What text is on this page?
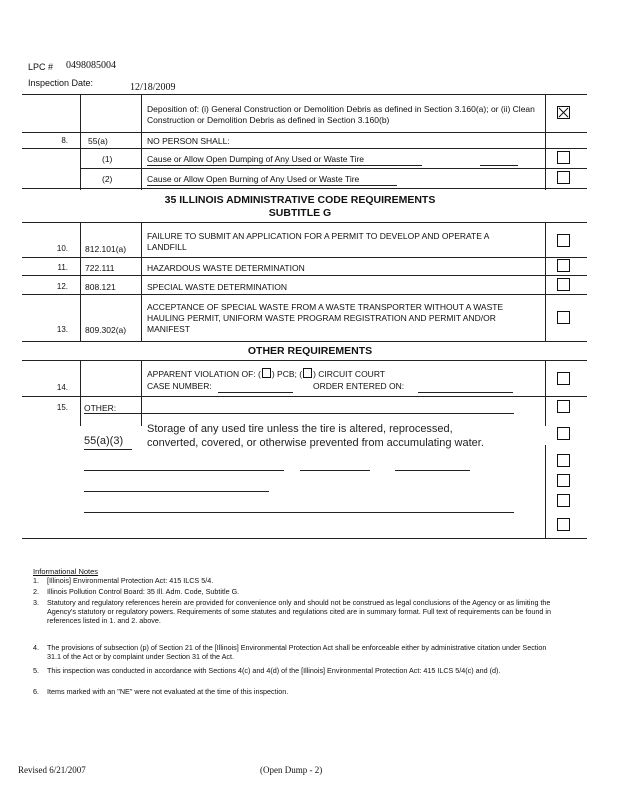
LPC # 0498085004
Inspection Date:	12/18/2009
Deposition of: (i) General Construction or Demolition Debris as defined in Section 3.160(a); or (ii) Clean Construction or Demolition Debris as defined in Section 3.160(b)
8. 55(a)	NO PERSON SHALL:
(1)	Cause or Allow Open Dumping of Any Used or Waste Tire
(2)	Cause or Allow Open Burning of Any Used or Waste Tire
35 ILLINOIS ADMINISTRATIVE CODE REQUIREMENTS
SUBTITLE G
10. 812.101(a)
FAILURE TO SUBMIT AN APPLICATION FOR A PERMIT TO DEVELOP AND OPERATE A LANDFILL
11. 722.111	HAZARDOUS WASTE DETERMINATION
12. 808.121	SPECIAL WASTE DETERMINATION
13. 809.302(a)
ACCEPTANCE OF SPECIAL WASTE FROM A WASTE TRANSPORTER WITHOUT A WASTE HAULING PERMIT, UNIFORM WASTE PROGRAM REGISTRATION AND PERMIT AND/OR MANIFEST
OTHER REQUIREMENTS
14.
APPARENT VIOLATION OF: ( ) PCB; ( ) CIRCUIT COURT
CASE NUMBER:	ORDER ENTERED ON:
15. OTHER:
55(a)(3)
Storage of any used tire unless the tire is altered, reprocessed,
converted, covered, or otherwise prevented from accumulating water.
Informational Notes
1.	[Illinois] Environmental Protection Act: 415 ILCS 5/4.
2.	Illinois Pollution Control Board: 35 Ill. Adm. Code, Subtitle G.
3.	Statutory and regulatory references herein are provided for convenience only and should not be construed as legal conclusions of the Agency or as limiting the Agency's statutory or regulatory powers. Requirements of some statutes and regulations cited are in summary format. Full text of requirements can be found in references listed in 1. and 2. above.
4.	The provisions of subsection (p) of Section 21 of the [Illinois] Environmental Protection Act shall be enforceable either by administrative citation under Section 31.1 of the Act or by complaint under Section 31 of the Act.
5.	This inspection was conducted in accordance with Sections 4(c) and 4(d) of the [Illinois] Environmental Protection Act: 415 ILCS 5/4(c) and (d).
6.	Items marked with an "NE" were not evaluated at the time of this inspection.
Revised 6/21/2007	(Open Dump - 2)
